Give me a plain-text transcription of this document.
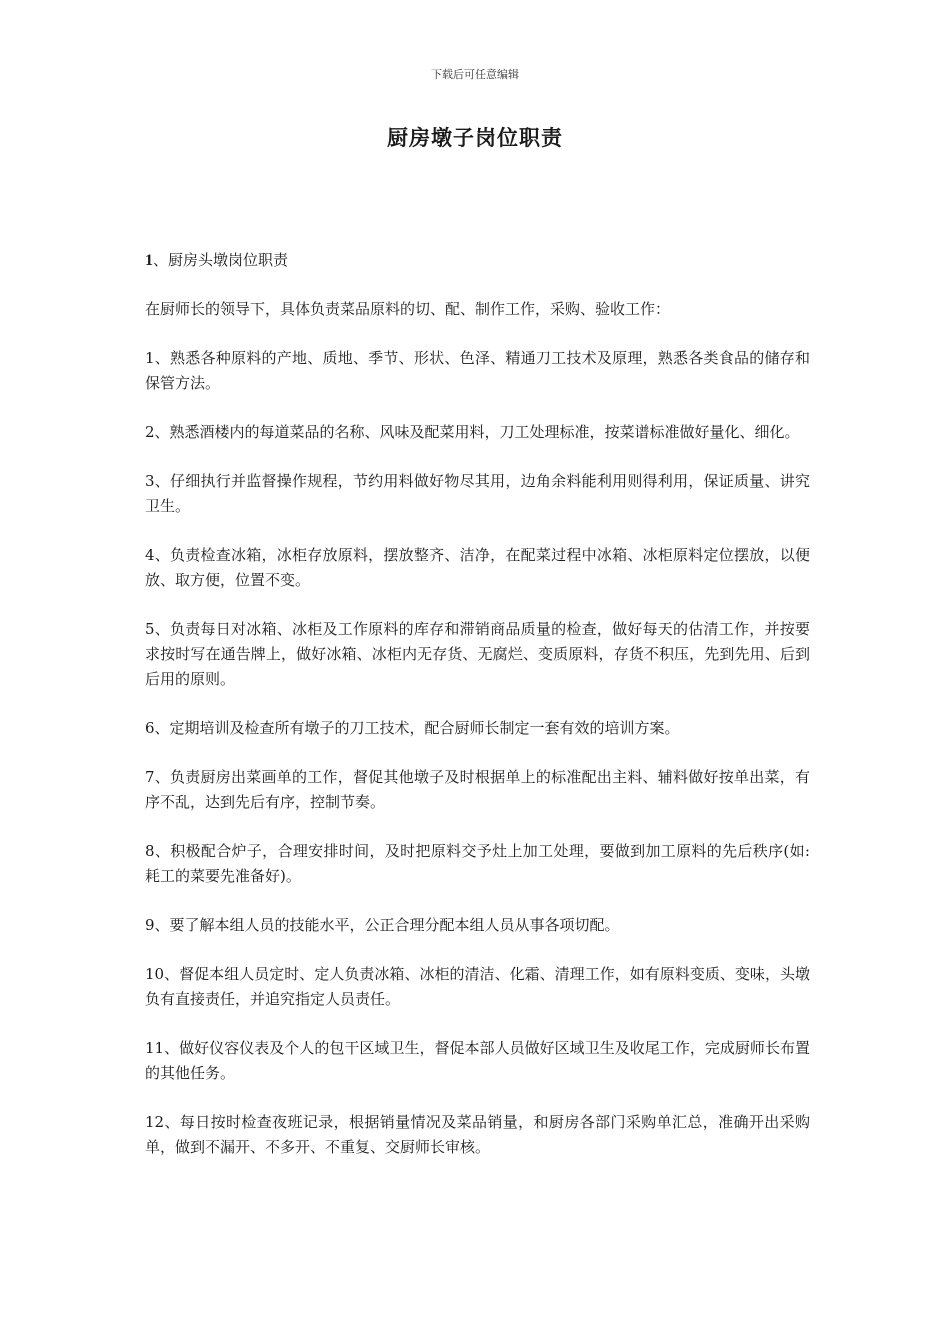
下载后可任意编辑
厨房墩子岗位职责

1、厨房头墩岗位职责

在厨师长的领导下，具体负责菜品原料的切、配、制作工作，采购、验收工作：

1、熟悉各种原料的产地、质地、季节、形状、色泽、精通刀工技术及原理，熟悉各类食品的储存和保管方法。

2、熟悉酒楼内的每道菜品的名称、风味及配菜用料，刀工处理标准，按菜谱标准做好量化、细化。

3、仔细执行并监督操作规程，节约用料做好物尽其用，边角余料能利用则得利用，保证质量、讲究卫生。

4、负责检查冰箱，冰柜存放原料，摆放整齐、洁净，在配菜过程中冰箱、冰柜原料定位摆放，以便放、取方便，位置不变。

5、负责每日对冰箱、冰柜及工作原料的库存和滞销商品质量的检查，做好每天的估清工作，并按要求按时写在通告牌上，做好冰箱、冰柜内无存货、无腐烂、变质原料，存货不积压，先到先用、后到后用的原则。

6、定期培训及检查所有墩子的刀工技术，配合厨师长制定一套有效的培训方案。

7、负责厨房出菜画单的工作，督促其他墩子及时根据单上的标准配出主料、辅料做好按单出菜，有序不乱，达到先后有序，控制节奏。

8、积极配合炉子，合理安排时间，及时把原料交予灶上加工处理，要做到加工原料的先后秩序(如:耗工的菜要先准备好)。

9、要了解本组人员的技能水平，公正合理分配本组人员从事各项切配。

10、督促本组人员定时、定人负责冰箱、冰柜的清洁、化霜、清理工作，如有原料变质、变味，头墩负有直接责任，并追究指定人员责任。

11、做好仪容仪表及个人的包干区域卫生，督促本部人员做好区域卫生及收尾工作，完成厨师长布置的其他任务。

12、每日按时检查夜班记录，根据销量情况及菜品销量，和厨房各部门采购单汇总，准确开出采购单，做到不漏开、不多开、不重复、交厨师长审核。
